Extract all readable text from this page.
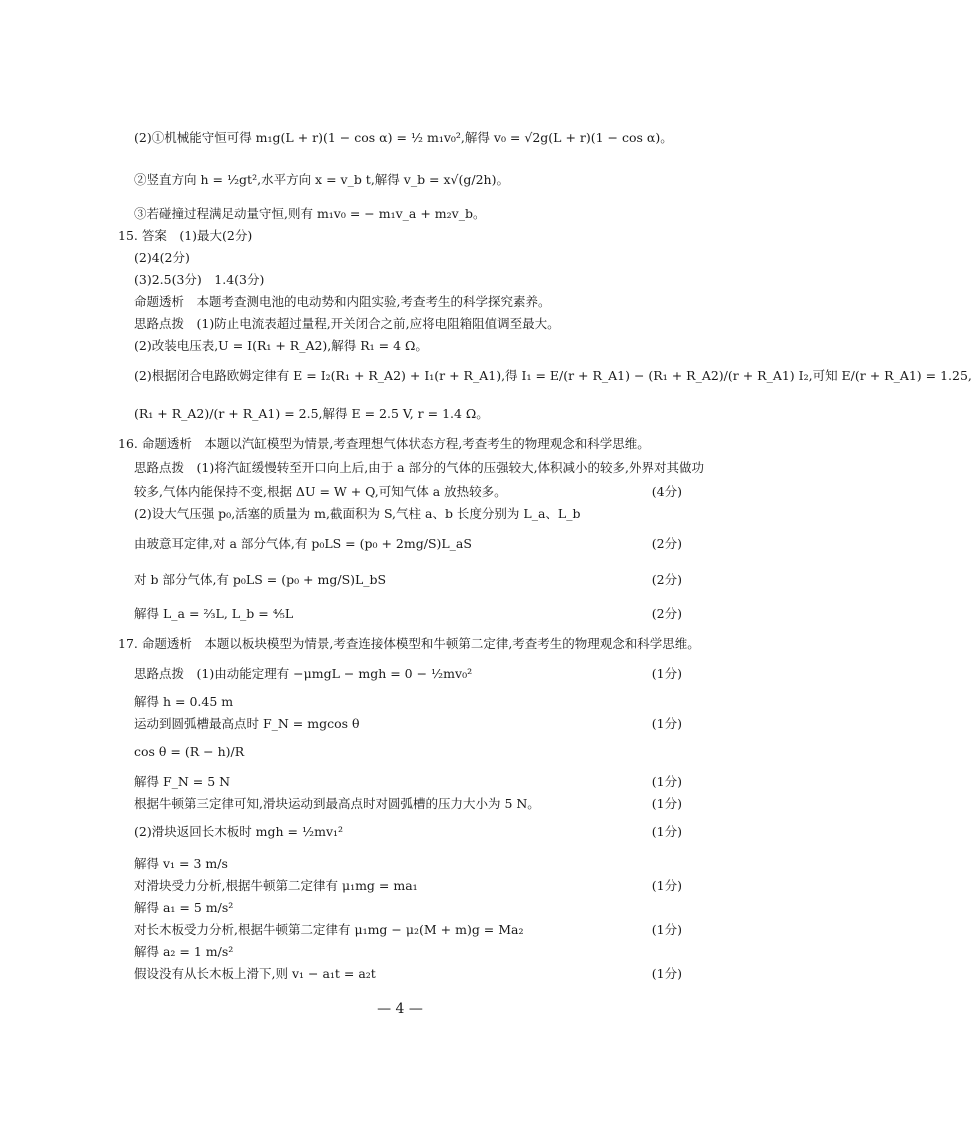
(2)①机械能守恒可得 m₁g(L + r)(1 − cos α) = ½ m₁v₀²,解得 v₀ = √2g(L + r)(1 − cos α)。
②竖直方向 h = ½gt²,水平方向 x = v_b t,解得 v_b = x√(g/2h)。
③若碰撞过程满足动量守恒,则有 m₁v₀ = − m₁v_a + m₂v_b。
15. 答案　(1)最大(2分)
(2)4(2分)
(3)2.5(3分)　1.4(3分)
命题透析　本题考查测电池的电动势和内阻实验,考查考生的科学探究素养。
思路点拨　(1)防止电流表超过量程,开关闭合之前,应将电阻箱阻值调至最大。
(2)改装电压表,U = I(R₁ + R_A2),解得 R₁ = 4 Ω。
(2)根据闭合电路欧姆定律有 E = I₂(R₁ + R_A2) + I₁(r + R_A1),得 I₁ = E/(r + R_A1) − (R₁ + R_A2)/(r + R_A1) I₂,可知 E/(r + R_A1) = 1.25,
(R₁ + R_A2)/(r + R_A1) = 2.5,解得 E = 2.5 V, r = 1.4 Ω。
16. 命题透析　本题以汽缸模型为情景,考查理想气体状态方程,考查考生的物理观念和科学思维。
思路点拨　(1)将汽缸缓慢转至开口向上后,由于 a 部分的气体的压强较大,体积减小的较多,外界对其做功
较多,气体内能保持不变,根据 ΔU = W + Q,可知气体 a 放热较多。	(4分)
(2)设大气压强 p₀,活塞的质量为 m,截面积为 S,气柱 a、b 长度分别为 L_a、L_b
由玻意耳定律,对 a 部分气体,有 p₀LS = (p₀ + 2mg/S)L_aS	(2分)
对 b 部分气体,有 p₀LS = (p₀ + mg/S)L_bS	(2分)
解得 L_a = ⅔L, L_b = ⅘L	(2分)
17. 命题透析　本题以板块模型为情景,考查连接体模型和牛顿第二定律,考查考生的物理观念和科学思维。
思路点拨　(1)由动能定理有 −μmgL − mgh = 0 − ½mv₀²	(1分)
解得 h = 0.45 m
运动到圆弧槽最高点时 F_N = mgcos θ	(1分)
cos θ = (R − h)/R
解得 F_N = 5 N	(1分)
根据牛顿第三定律可知,滑块运动到最高点时对圆弧槽的压力大小为 5 N。	(1分)
(2)滑块返回长木板时 mgh = ½mv₁²	(1分)
解得 v₁ = 3 m/s
对滑块受力分析,根据牛顿第二定律有 μ₁mg = ma₁	(1分)
解得 a₁ = 5 m/s²
对长木板受力分析,根据牛顿第二定律有 μ₁mg − μ₂(M + m)g = Ma₂	(1分)
解得 a₂ = 1 m/s²
假设没有从长木板上滑下,则 v₁ − a₁t = a₂t	(1分)
— 4 —
